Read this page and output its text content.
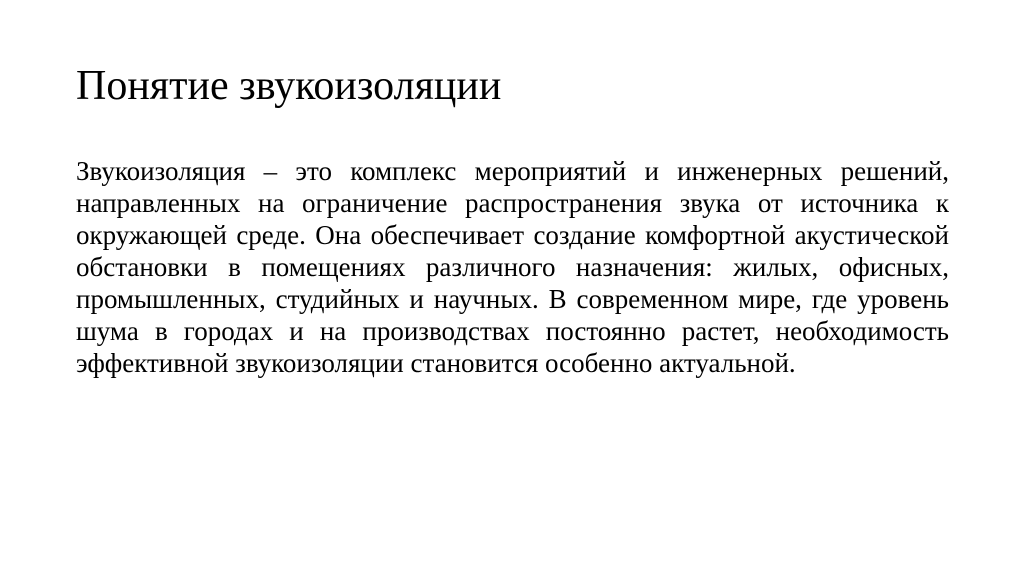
Понятие звукоизоляции

Звукоизоляция – это комплекс мероприятий и инженерных решений, направленных на ограничение распространения звука от источника к окружающей среде. Она обеспечивает создание комфортной акустической обстановки в помещениях различного назначения: жилых, офисных, промышленных, студийных и научных. В современном мире, где уровень шума в городах и на производствах постоянно растет, необходимость эффективной звукоизоляции становится особенно актуальной.
